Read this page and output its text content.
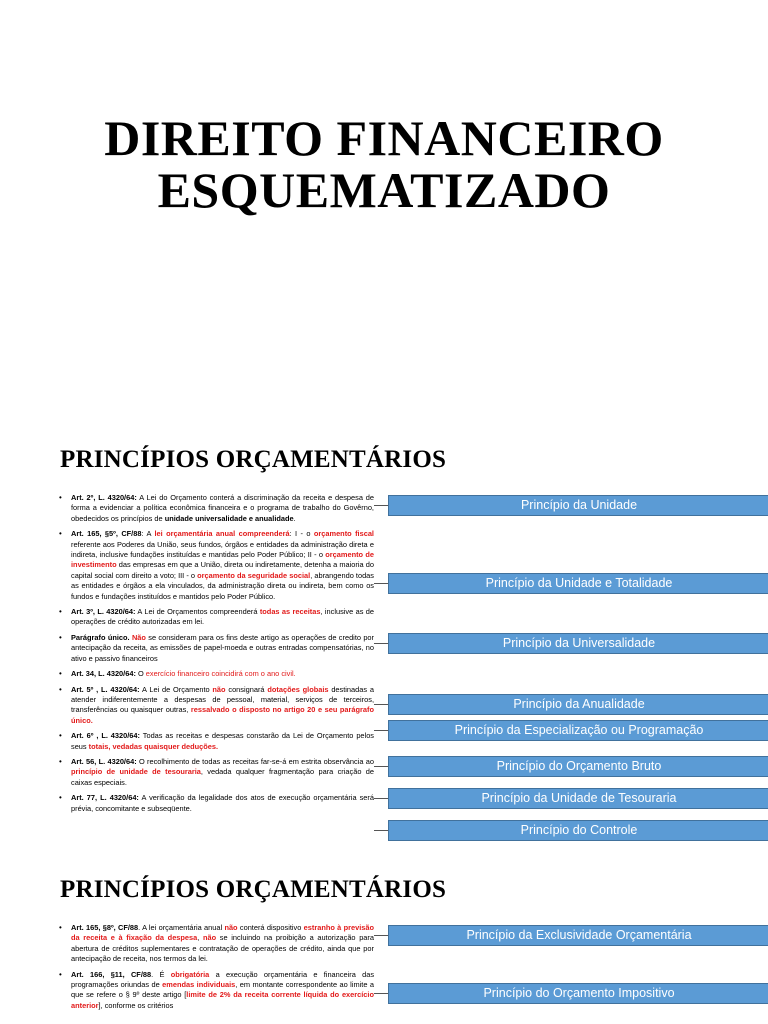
DIREITO FINANCEIRO
ESQUEMATIZADO
PRINCÍPIOS ORÇAMENTÁRIOS
• Art. 2º, L. 4320/64: A Lei do Orçamento conterá a discriminação da receita e despesa de forma a evidenciar a política econômica financeira e o programa de trabalho do Govêrno, obedecidos os princípios de unidade universalidade e anualidade.
• Art. 165, §5º, CF/88: A lei orçamentária anual compreenderá: I - o orçamento fiscal referente aos Poderes da União, seus fundos, órgãos e entidades da administração direta e indireta, inclusive fundações instituídas e mantidas pelo Poder Público; II - o orçamento de investimento das empresas em que a União, direta ou indiretamente, detenha a maioria do capital social com direito a voto; III - o orçamento da seguridade social, abrangendo todas as entidades e órgãos a ela vinculados, da administração direta ou indireta, bem como os fundos e fundações instituídos e mantidos pelo Poder Público.
• Art. 3º, L. 4320/64: A Lei de Orçamentos compreenderá todas as receitas, inclusive as de operações de crédito autorizadas em lei.
• Parágrafo único. Não se consideram para os fins deste artigo as operações de credito por antecipação da receita, as emissões de papel-moeda e outras entradas compensatórias, no ativo e passivo financeiros
• Art. 34, L. 4320/64: O exercício financeiro coincidirá com o ano civil.
• Art. 5º , L. 4320/64: A Lei de Orçamento não consignará dotações globais destinadas a atender indiferentemente a despesas de pessoal, material, serviços de terceiros, transferências ou quaisquer outras, ressalvado o disposto no artigo 20 e seu parágrafo único.
• Art. 6º , L. 4320/64: Todas as receitas e despesas constarão da Lei de Orçamento pelos seus totais, vedadas quaisquer deduções.
• Art. 56, L. 4320/64: O recolhimento de todas as receitas far-se-á em estrita observância ao princípio de unidade de tesouraria, vedada qualquer fragmentação para criação de caixas especiais.
• Art. 77, L. 4320/64: A verificação da legalidade dos atos de execução orçamentária será prévia, concomitante e subseqüente.
Princípio da Unidade
Princípio da Unidade e Totalidade
Princípio da Universalidade
Princípio da Anualidade
Princípio da Especialização ou Programação
Princípio do Orçamento Bruto
Princípio da Unidade de Tesouraria
Princípio do Controle
PRINCÍPIOS ORÇAMENTÁRIOS
• Art. 165, §8º, CF/88. A lei orçamentária anual não conterá dispositivo estranho à previsão da receita e à fixação da despesa, não se incluindo na proibição a autorização para abertura de créditos suplementares e contratação de operações de crédito, ainda que por antecipação de receita, nos termos da lei.
• Art. 166, §11, CF/88. É obrigatória a execução orçamentária e financeira das programações oriundas de emendas individuais, em montante correspondente ao limite a que se refere o § 9º deste artigo [limite de 2% da receita corrente líquida do exercício anterior], conforme os critérios
Princípio da Exclusividade Orçamentária
Princípio do Orçamento Impositivo
